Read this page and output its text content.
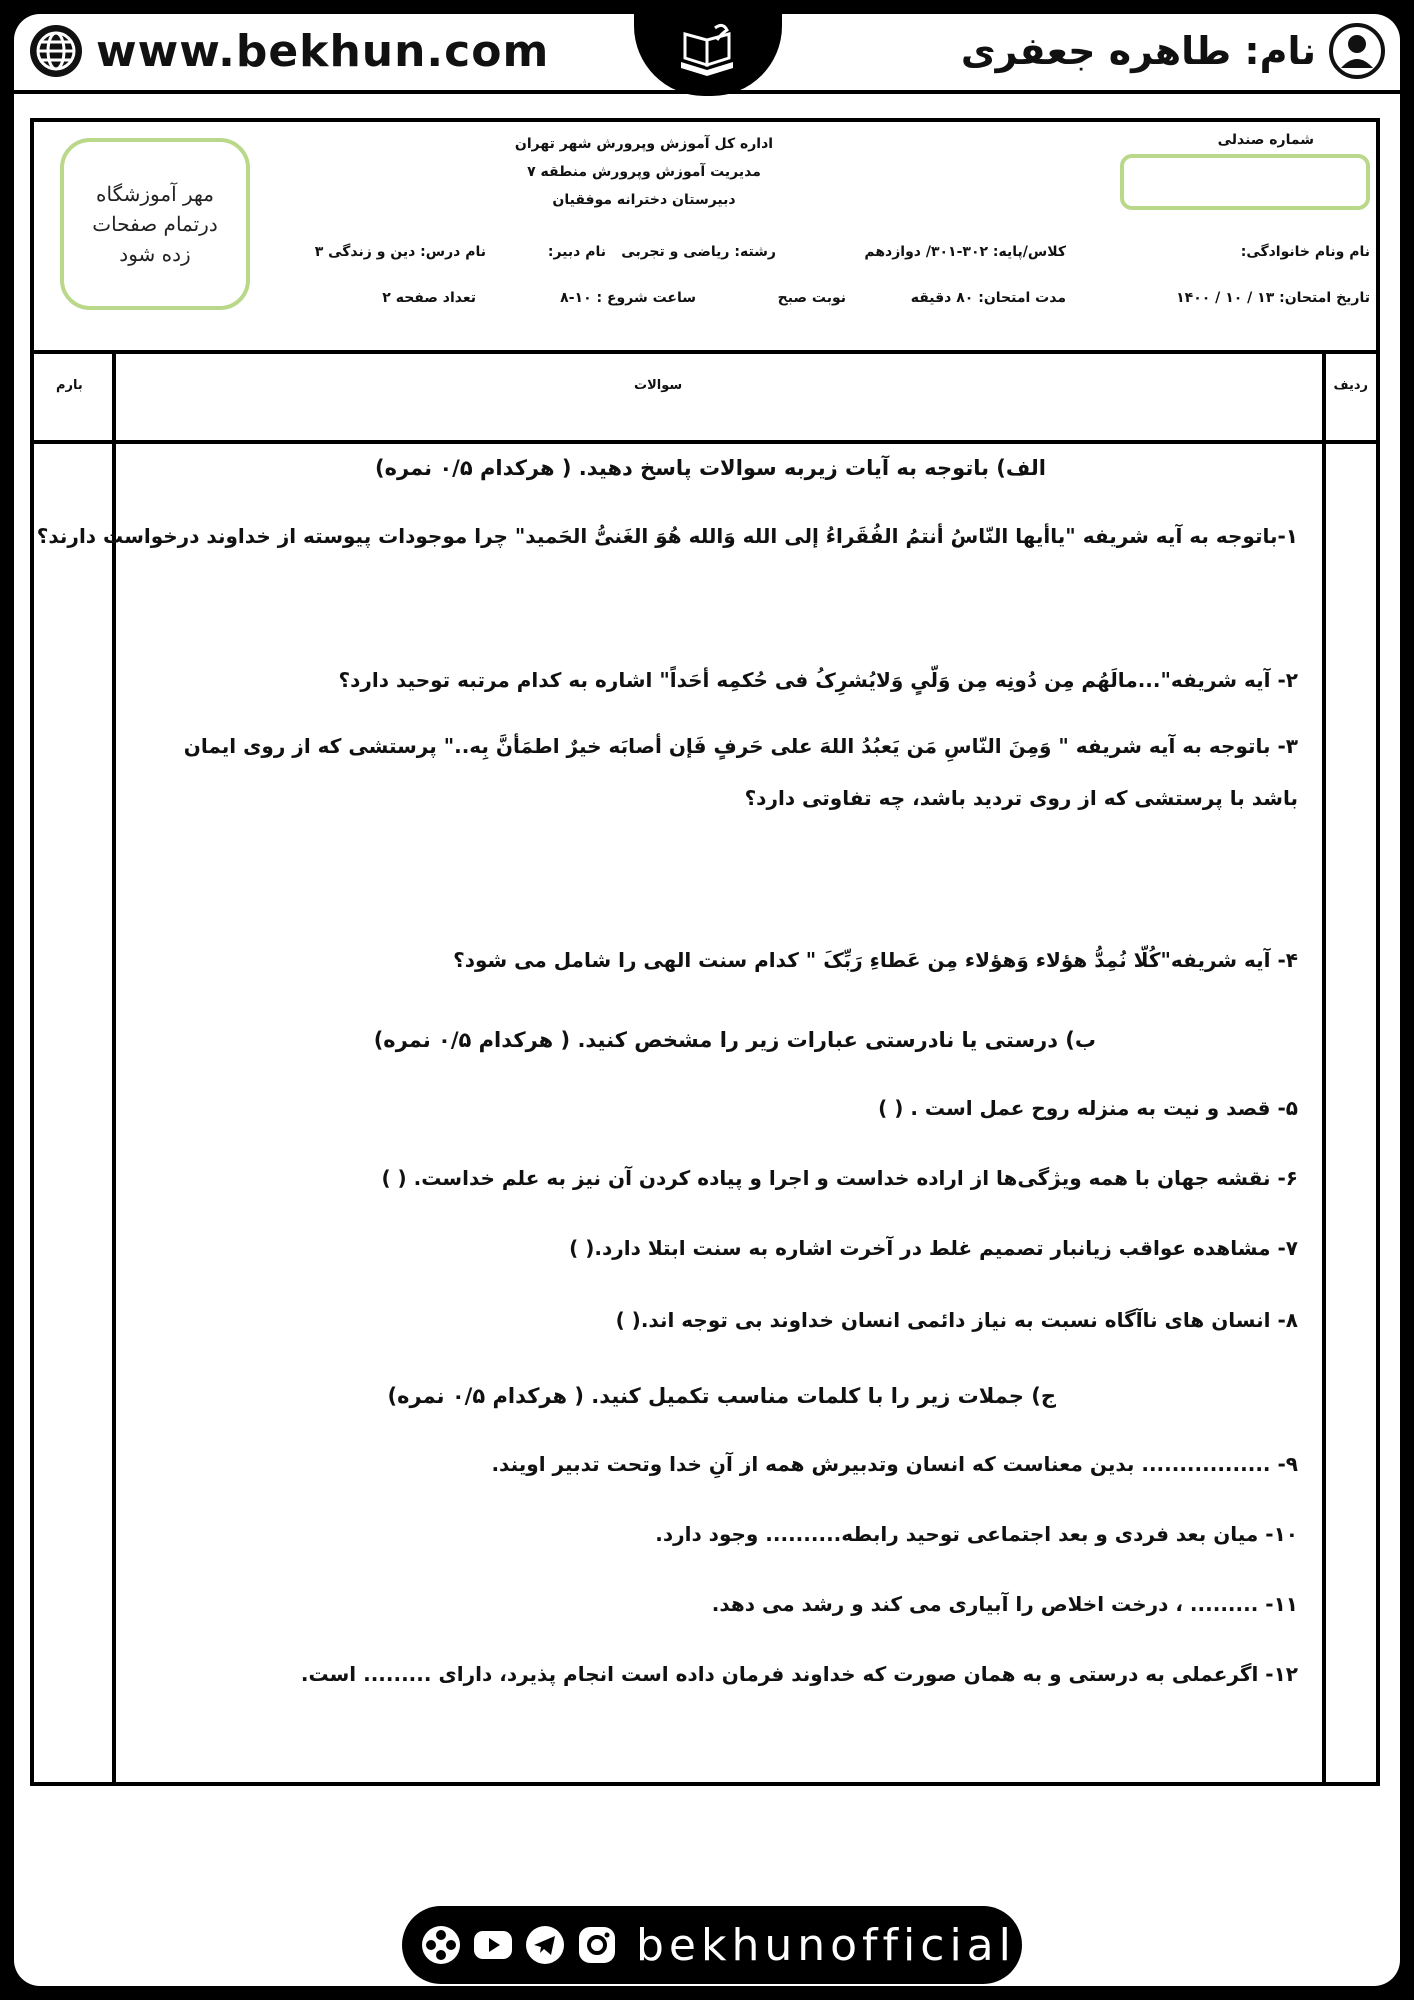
www.bekhun.com	نام: طاهره جعفری
مهر آموزشگاه
درتمام صفحات
زده شود
شماره صندلی
اداره کل آموزش وپرورش شهر تهران
مدیریت آموزش وپرورش منطقه ۷
دبیرستان دخترانه موفقیان
نام ونام خانوادگی:
کلاس/پایه: ۳۰۲-۳۰۱/ دوازدهم
رشته: ریاضی و تجربی
نام دبیر:
نام درس: دین و زندگی ۳
تاریخ امتحان: ۱۳ / ۱۰ / ۱۴۰۰
مدت امتحان: ۸۰ دقیقه
نوبت صبح
ساعت شروع : ۱۰-۸
تعداد صفحه ۲
ردیف
سوالات
بارم
الف) باتوجه به آیات زیربه سوالات پاسخ دهید. ( هرکدام ۰/۵ نمره)
۱-باتوجه به آیه شریفه "یاأیها النّاسُ أنتمُ الفُقَراءُ إلی الله وَالله هُوَ الغَنیُّ الحَمید" چرا موجودات پیوسته از خداوند درخواست دارند؟
۲- آیه شریفه"...مالَهُم مِن دُونِه مِن وَلّیٍ وَلایُشرِکُ فی حُکمِه أحَداً" اشاره به کدام مرتبه توحید دارد؟
۳- باتوجه به آیه شریفه " وَمِنَ النّاسِ مَن یَعبُدُ اللهَ علی حَرفٍ فَإن أصابَه خیرٌ اطمَأنَّ بِه.." پرستشی که از روی ایمان باشد با پرستشی که از روی تردید باشد، چه تفاوتی دارد؟
۴- آیه شریفه"کُلّا نُمِدُّ هؤلاء وَهؤلاء مِن عَطاءِ رَبِّکَ " کدام سنت الهی را شامل می شود؟
ب) درستی یا نادرستی عبارات زیر را مشخص کنید. ( هرکدام ۰/۵ نمره)
۵- قصد و نیت به منزله روح عمل است . ( )
۶- نقشه جهان با همه ویژگی‌ها از اراده خداست و اجرا و پیاده کردن آن نیز به علم خداست. ( )
۷- مشاهده عواقب زیانبار تصمیم غلط در آخرت اشاره به سنت ابتلا دارد.( )
۸- انسان های ناآگاه نسبت به نیاز دائمی انسان خداوند بی توجه اند.( )
ج) جملات زیر را با کلمات مناسب تکمیل کنید. ( هرکدام ۰/۵ نمره)
۹- ................. بدین معناست که انسان وتدبیرش همه از آنِ خدا وتحت تدبیر اویند.
۱۰- میان بعد فردی و بعد اجتماعی توحید رابطه.......... وجود دارد.
۱۱- ......... ، درخت اخلاص را آبیاری می کند و رشد می دهد.
۱۲- اگرعملی به درستی و به همان صورت که خداوند فرمان داده است انجام پذیرد، دارای ......... است.
bekhunofficial
